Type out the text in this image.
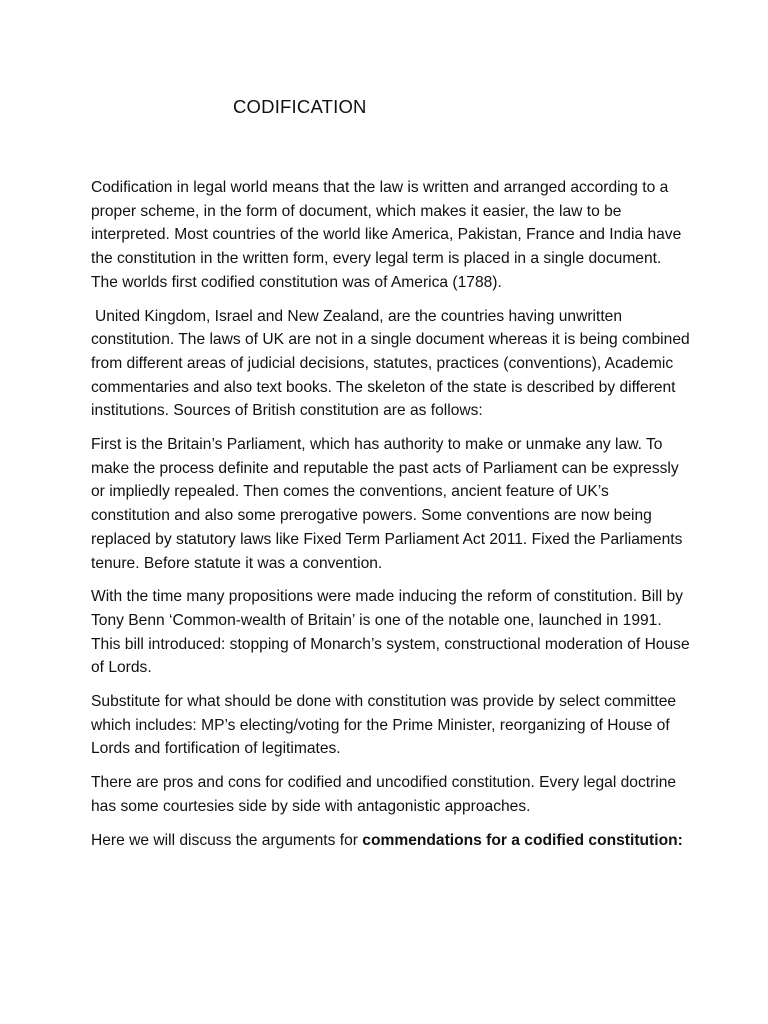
CODIFICATION

Codification in legal world means that the law is written and arranged according to a proper scheme, in the form of document, which makes it easier, the law to be interpreted. Most countries of the world like America, Pakistan, France and India have the constitution in the written form, every legal term is placed in a single document. The worlds first codified constitution was of America (1788).

United Kingdom, Israel and New Zealand, are the countries having unwritten constitution. The laws of UK are not in a single document whereas it is being combined from different areas of judicial decisions, statutes, practices (conventions), Academic commentaries and also text books. The skeleton of the state is described by different institutions. Sources of British constitution are as follows:

First is the Britain’s Parliament, which has authority to make or unmake any law. To make the process definite and reputable the past acts of Parliament can be expressly or impliedly repealed. Then comes the conventions, ancient feature of UK’s constitution and also some prerogative powers. Some conventions are now being replaced by statutory laws like Fixed Term Parliament Act 2011. Fixed the Parliaments tenure. Before statute it was a convention.

With the time many propositions were made inducing the reform of constitution. Bill by Tony Benn ‘Common-wealth of Britain’ is one of the notable one, launched in 1991. This bill introduced: stopping of Monarch’s system, constructional moderation of House of Lords.

Substitute for what should be done with constitution was provide by select committee which includes: MP’s electing/voting for the Prime Minister, reorganizing of House of Lords and fortification of legitimates.

There are pros and cons for codified and uncodified constitution. Every legal doctrine has some courtesies side by side with antagonistic approaches.

Here we will discuss the arguments for commendations for a codified constitution:
